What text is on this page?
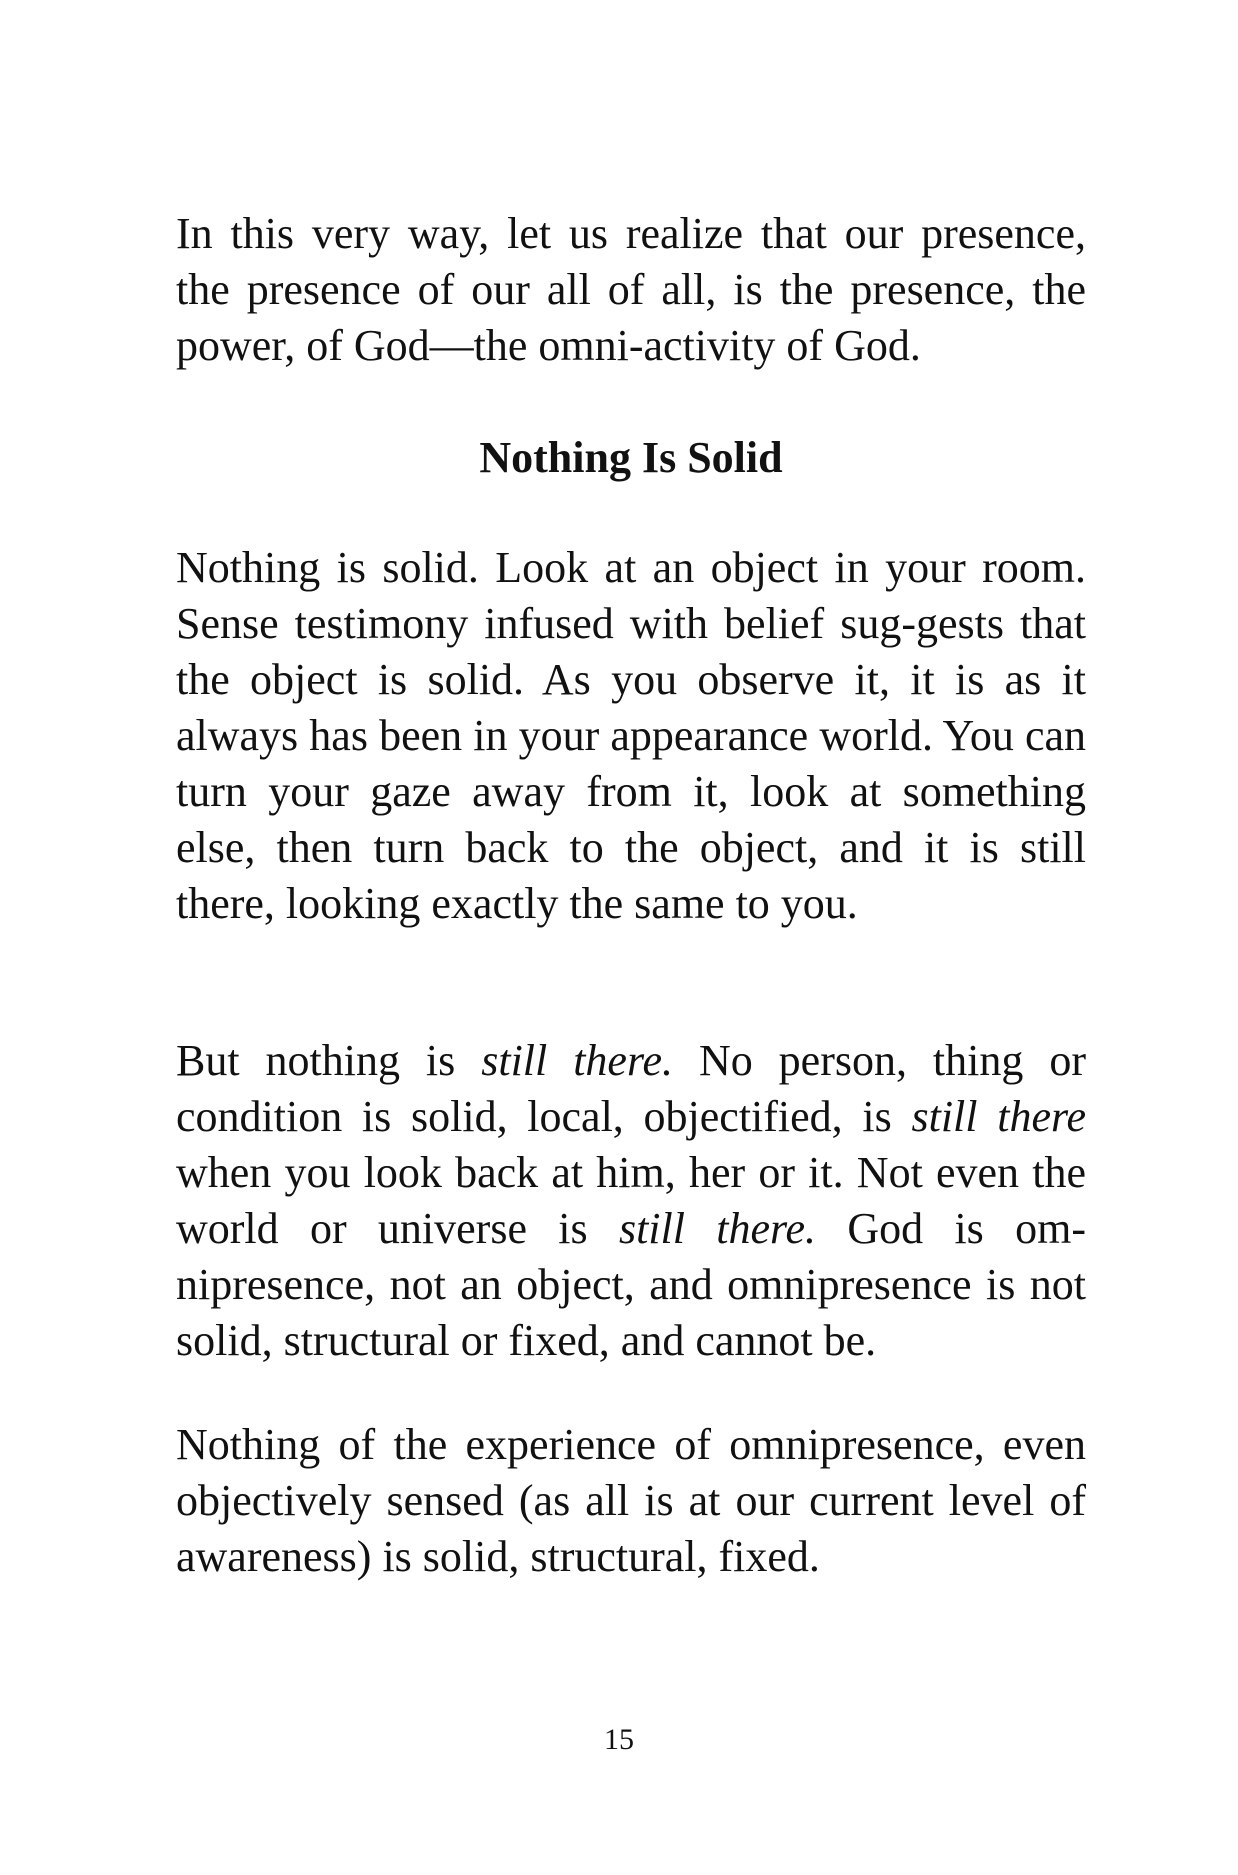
In this very way, let us realize that our presence, the presence of our all of all, is the presence, the power, of God—the omni-activity of God.

Nothing Is Solid

Nothing is solid. Look at an object in your room. Sense testimony infused with belief sug-gests that the object is solid. As you observe it, it is as it always has been in your appearance world. You can turn your gaze away from it, look at something else, then turn back to the object, and it is still there, looking exactly the same to you.

But nothing is still there. No person, thing or condition is solid, local, objectified, is still there when you look back at him, her or it. Not even the world or universe is still there. God is om-nipresence, not an object, and omnipresence is not solid, structural or fixed, and cannot be.

Nothing of the experience of omnipresence, even objectively sensed (as all is at our current level of awareness) is solid, structural, fixed.

15
